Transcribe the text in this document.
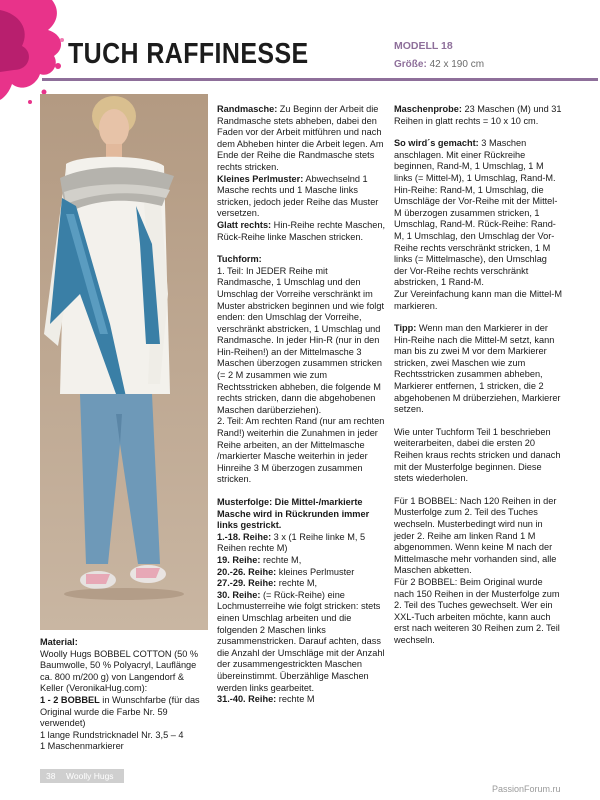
TUCH RAFFINESSE	MODELL 18
Größe: 42 x 190 cm

Randmasche: Zu Beginn der Arbeit die Randmasche stets abheben, dabei den Faden vor der Arbeit mitführen und nach dem Abheben hinter die Arbeit legen. Am Ende der Reihe die Randmasche stets rechts stricken.

Kleines Perlmuster: Abwechselnd 1 Masche rechts und 1 Masche links stricken, jedoch jeder Reihe das Muster versetzen.

Glatt rechts: Hin-Reihe rechte Maschen, Rück-Reihe linke Maschen stricken.

Tuchform:

1. Teil: In JEDER Reihe mit Randmasche, 1 Umschlag und den Umschlag der Vorreihe verschränkt im Muster abstricken beginnen und wie folgt enden: den Umschlag der Vorreihe, verschränkt abstricken, 1 Umschlag und Randmasche. In jeder Hin-R (nur in den Hin-Reihen!) an der Mittelmasche 3 Maschen überzogen zusammen stricken (= 2 M zusammen wie zum Rechtsstricken abheben, die folgende M rechts stricken, dann die abgehobenen Maschen darüberziehen).

2. Teil: Am rechten Rand (nur am rechten Rand!) weiterhin die Zunahmen in jeder Reihe arbeiten, an der Mittelmasche /markierter Masche weiterhin in jeder Hinreihe 3 M überzogen zusammen stricken.

Musterfolge: Die Mittel-/markierte Masche wird in Rückrunden immer links gestrickt.

1.-18. Reihe: 3 x (1 Reihe linke M, 5 Reihen rechte M)

19. Reihe: rechte M,

20.-26. Reihe: kleines Perlmuster

27.-29. Reihe: rechte M,

30. Reihe: (= Rück-Reihe) eine Lochmusterreihe wie folgt stricken: stets einen Umschlag arbeiten und die folgenden 2 Maschen links zusammenstricken. Darauf achten, dass die Anzahl der Umschläge mit der Anzahl der zusammengestrickten Maschen übereinstimmt. Überzählige Maschen werden links gearbeitet.

31.-40. Reihe: rechte M

Maschenprobe: 23 Maschen (M) und 31 Reihen in glatt rechts = 10 x 10 cm.

So wird´s gemacht: 3 Maschen anschlagen. Mit einer Rückreihe beginnen, Rand-M, 1 Umschlag, 1 M links (= Mittel-M), 1 Umschlag, Rand-M. Hin-Reihe: Rand-M, 1 Umschlag, die Umschläge der Vor-Reihe mit der Mittel-M überzogen zusammen stricken, 1 Umschlag, Rand-M. Rück-Reihe: Rand-M, 1 Umschlag, den Umschlag der Vor-Reihe rechts verschränkt stricken, 1 M links (= Mittelmasche), den Umschlag der Vor-Reihe rechts verschränkt abstricken, 1 Rand-M.

Zur Vereinfachung kann man die Mittel-M markieren.

Tipp: Wenn man den Markierer in der Hin-Reihe nach die Mittel-M setzt, kann man bis zu zwei M vor dem Markierer stricken, zwei Maschen wie zum Rechtsstricken zusammen abheben, Markierer entfernen, 1 stricken, die 2 abgehobenen M drüberziehen, Markierer setzen.

Wie unter Tuchform Teil 1 beschrieben weiterarbeiten, dabei die ersten 20 Reihen kraus rechts stricken und danach mit der Musterfolge beginnen. Diese stets wiederholen.

Für 1 BOBBEL: Nach 120 Reihen in der Musterfolge zum 2. Teil des Tuches wechseln. Musterbedingt wird nun in jeder 2. Reihe am linken Rand 1 M abgenommen. Wenn keine M nach der Mittelmasche mehr vorhanden sind, alle Maschen abketten.

Für 2 BOBBEL: Beim Original wurde nach 150 Reihen in der Musterfolge zum 2. Teil des Tuches gewechselt. Wer ein XXL-Tuch arbeiten möchte, kann auch erst nach weiteren 30 Reihen zum 2. Teil wechseln.

Material:

Woolly Hugs BOBBEL COTTON (50 % Baumwolle, 50 % Polyacryl, Lauflänge ca. 800 m/200 g) von Langendorf & Keller (VeronikaHug.com):

1 - 2 BOBBEL in Wunschfarbe (für das Original wurde die Farbe Nr. 59 verwendet)

1 lange Rundstricknadel Nr. 3,5 – 4

1 Maschenmarkierer

38 Woolly Hugs
PassionForum.ru
